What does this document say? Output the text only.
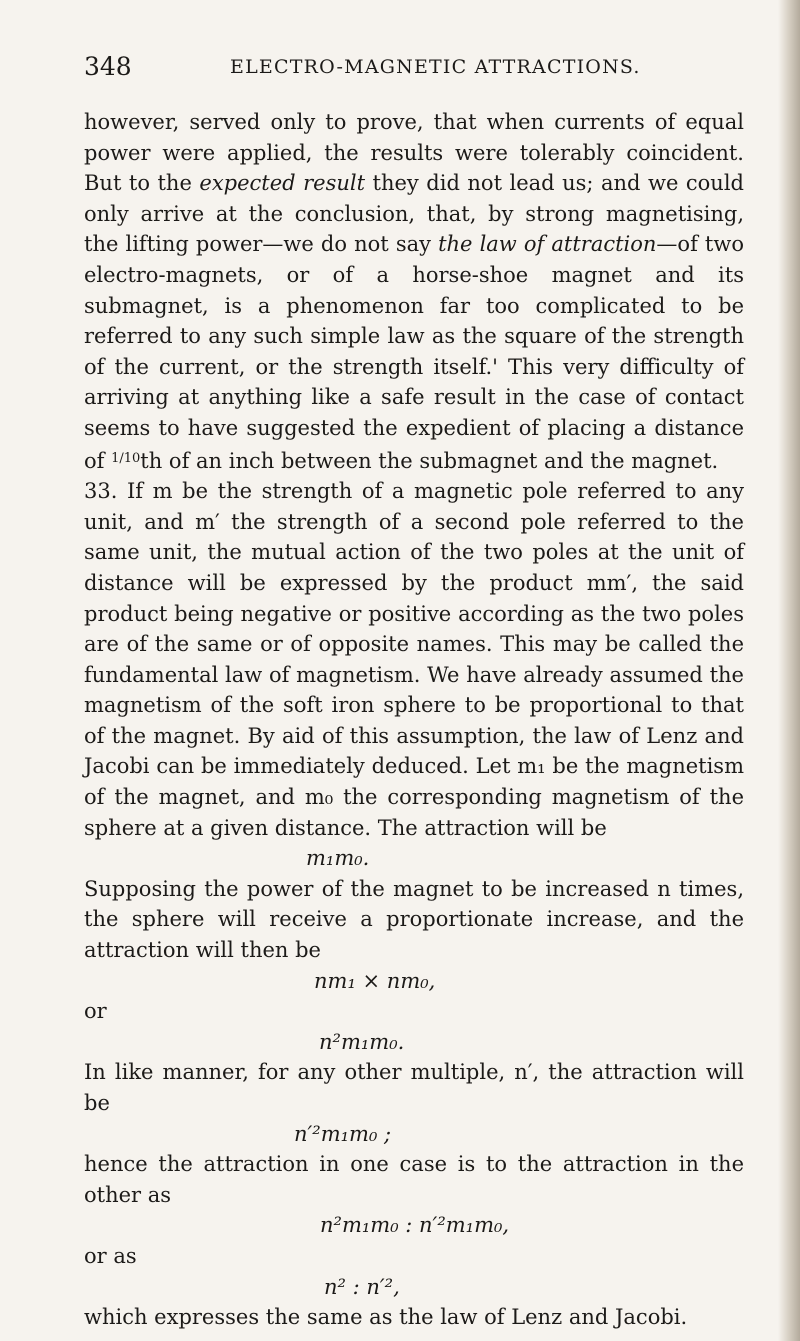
348	ELECTRO-MAGNETIC ATTRACTIONS.

however, served only to prove, that when currents of equal power were applied, the results were tolerably coincident. But to the expected result they did not lead us; and we could only arrive at the conclusion, that, by strong magnetising, the lifting power—we do not say the law of attraction—of two electro-magnets, or of a horse-shoe magnet and its submagnet, is a phenomenon far too complicated to be referred to any such simple law as the square of the strength of the current, or the strength itself.' This very difficulty of arriving at anything like a safe result in the case of contact seems to have suggested the expedient of placing a distance of $^{1/10}$th of an inch between the submagnet and the magnet.

33. If m be the strength of a magnetic pole referred to any unit, and m′ the strength of a second pole referred to the same unit, the mutual action of the two poles at the unit of distance will be expressed by the product mm′, the said product being negative or positive according as the two poles are of the same or of opposite names. This may be called the fundamental law of magnetism. We have already assumed the magnetism of the soft iron sphere to be proportional to that of the magnet. By aid of this assumption, the law of Lenz and Jacobi can be immediately deduced. Let m₁ be the magnetism of the magnet, and m₀ the corresponding magnetism of the sphere at a given distance. The attraction will be

m₁m₀.

Supposing the power of the magnet to be increased n times, the sphere will receive a proportionate increase, and the attraction will then be

nm₁ × nm₀,
or
n²m₁m₀.

In like manner, for any other multiple, n′, the attraction will be

n′²m₁m₀ ;

hence the attraction in one case is to the attraction in the other as

n²m₁m₀ : n′²m₁m₀,
or as
n² : n′²,

which expresses the same as the law of Lenz and Jacobi.
